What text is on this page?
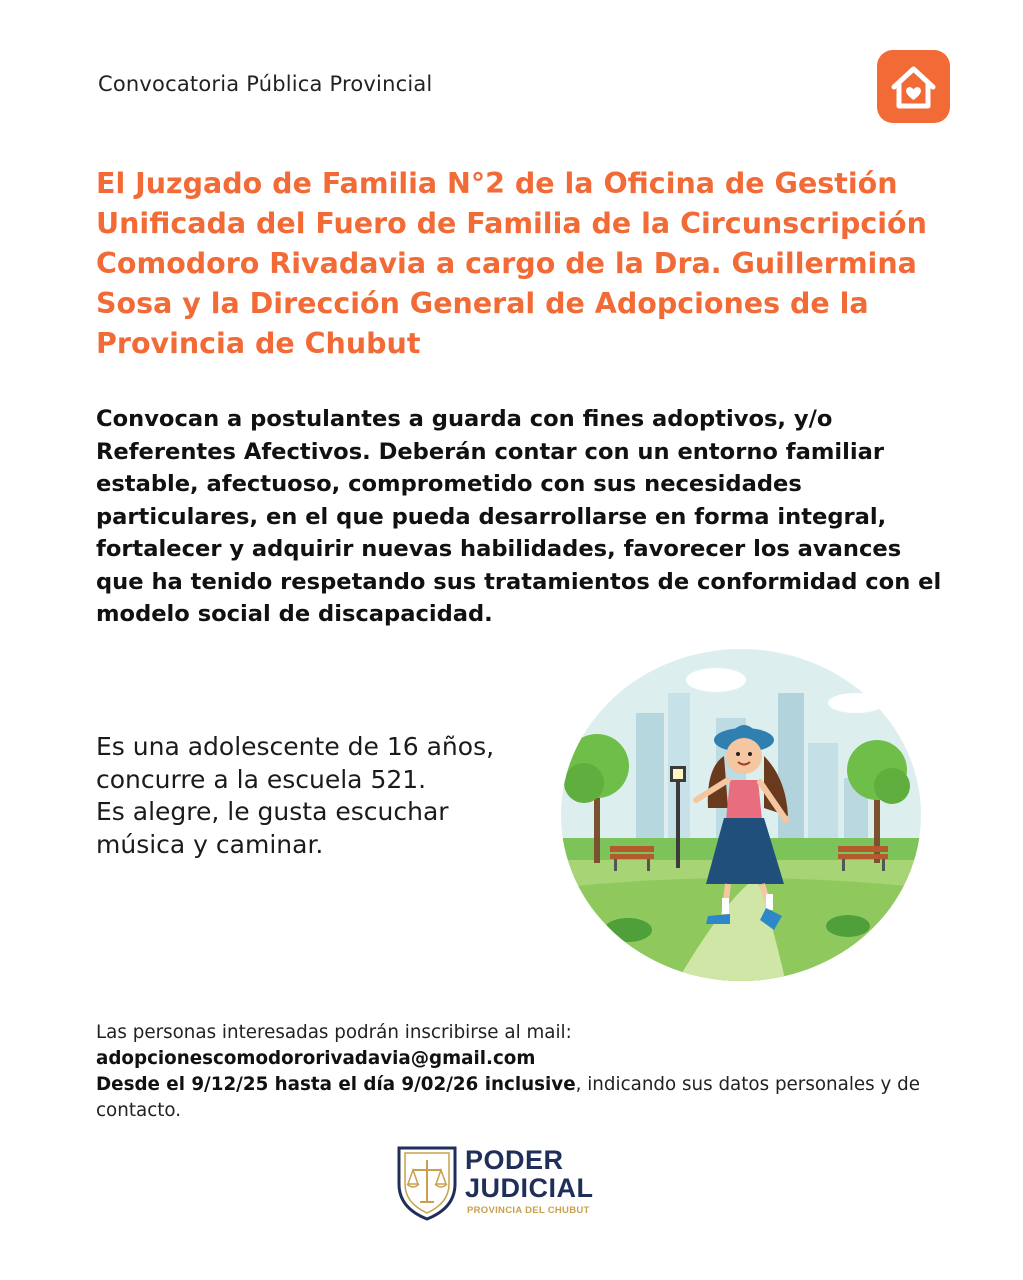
Convocatoria Pública Provincial

El Juzgado de Familia N°2 de la Oficina de Gestión Unificada del Fuero de Familia de la Circunscripción Comodoro Rivadavia a cargo de la Dra. Guillermina Sosa y la Dirección General de Adopciones de la Provincia de Chubut

Convocan a postulantes a guarda con fines adoptivos, y/o Referentes Afectivos. Deberán contar con un entorno familiar estable, afectuoso, comprometido con sus necesidades particulares, en el que pueda desarrollarse en forma integral, fortalecer y adquirir nuevas habilidades, favorecer los avances que ha tenido respetando sus tratamientos de conformidad con el modelo social de discapacidad.

Es una adolescente de 16 años,
concurre a la escuela 521.
Es alegre, le gusta escuchar
música y caminar.
Las personas interesadas podrán inscribirse al mail:
adopcionescomodororivadavia@gmail.com
Desde el 9/12/25 hasta el día 9/02/26 inclusive, indicando sus datos personales y de contacto.
PODER
JUDICIAL
PROVINCIA DEL CHUBUT
